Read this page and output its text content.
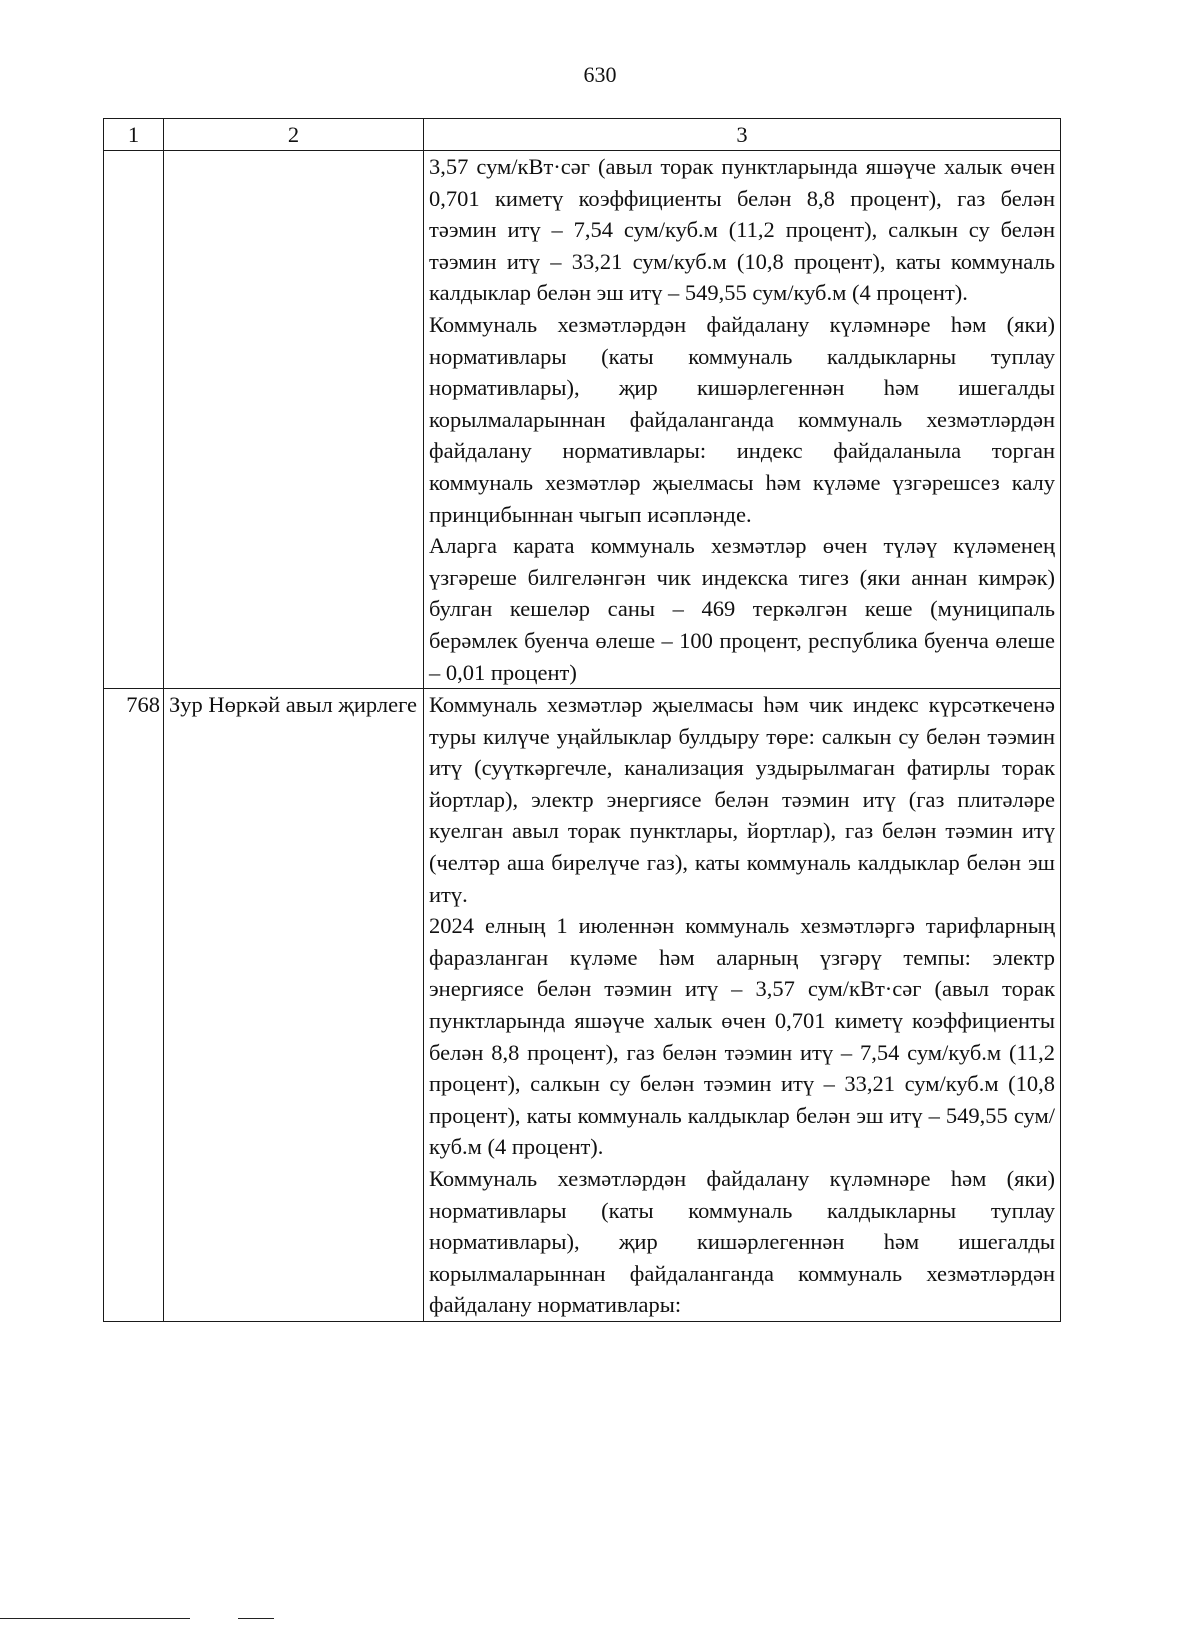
630
1	2	3

		3,57 сум/кВт·сәг (авыл торак пунктларында яшәүче халык өчен 0,701 киметү коэффициенты белән 8,8 процент), газ белән тәэмин итү – 7,54 сум/куб.м (11,2 процент), салкын су белән тәэмин итү – 33,21 сум/куб.м (10,8 процент), каты коммуналь калдыклар белән эш итү – 549,55 сум/куб.м (4 процент).

Коммуналь хезмәтләрдән файдалану күләмнәре һәм (яки) нормативлары (каты коммуналь калдыкларны туплау нормативлары), җир кишәрлегеннән һәм ишегалды корылмаларыннан файдаланганда коммуналь хезмәтләрдән файдалану нормативлары: индекс файдаланыла торган коммуналь хезмәтләр җыелмасы һәм күләме үзгәрешсез калу принцибыннан чыгып исәпләнде.

Аларга карата коммуналь хезмәтләр өчен түләү күләменең үзгәреше билгеләнгән чик индекска тигез (яки аннан кимрәк) булган кешеләр саны – 469 теркәлгән кеше (муниципаль берәмлек буенча өлеше – 100 процент, республика буенча өлеше – 0,01 процент)

768	Зур Нөркәй авыл җирлеге	Коммуналь хезмәтләр җыелмасы һәм чик индекс күрсәткеченә туры килүче уңайлыклар булдыру төре: салкын су белән тәэмин итү (суүткәргечле, канализация уздырылмаган фатирлы торак йортлар), электр энергиясе белән тәэмин итү (газ плитәләре куелган авыл торак пунктлары, йортлар), газ белән тәэмин итү (челтәр аша бирелүче газ), каты коммуналь калдыклар белән эш итү.

2024 елның 1 июленнән коммуналь хезмәтләргә тарифларның фаразланган күләме һәм аларның үзгәрү темпы: электр энергиясе белән тәэмин итү – 3,57 сум/кВт·сәг (авыл торак пунктларында яшәүче халык өчен 0,701 киметү коэффициенты белән 8,8 процент), газ белән тәэмин итү – 7,54 сум/куб.м (11,2 процент), салкын су белән тәэмин итү – 33,21 сум/куб.м (10,8 процент), каты коммуналь калдыклар белән эш итү – 549,55 сум/куб.м (4 процент).

Коммуналь хезмәтләрдән файдалану күләмнәре һәм (яки) нормативлары (каты коммуналь калдыкларны туплау нормативлары), җир кишәрлегеннән һәм ишегалды корылмаларыннан файдаланганда коммуналь хезмәтләрдән файдалану нормативлары:
